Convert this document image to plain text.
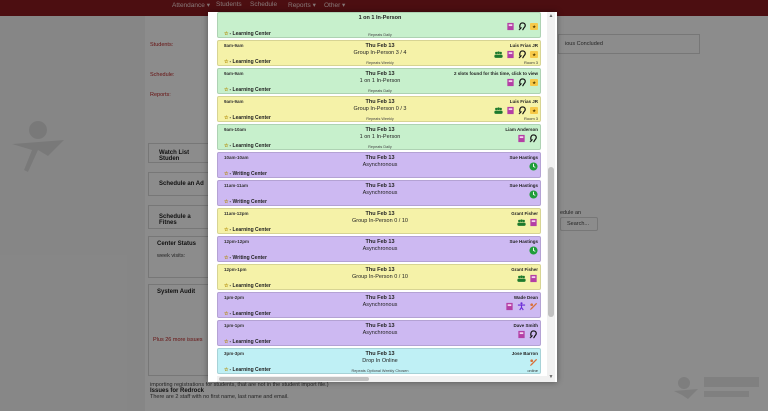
Attendance ▾ Students Schedule Reports ▾ Other ▾
Students:
Schedule:
Reports:
Watch List Studen
Schedule an Ad
Schedule a Fitnes
Center Status
week visits:
System Audit
Plus 26 more issues
Issues for Redrock
importing registrations for students, that are not in the student import file.)
There are 2 staff with no first name, last name and email.
ious Concluded
edule an
Search...
1 on 1 In-Person
☆- Learning Center	Repeats Daily
★
8am-9am	Thu Feb 13
Group In-Person 3 / 4
☆- Learning Center	Repeats Weekly
Luis Frias JR
Room 3
★
9am-9am	Thu Feb 13
1 on 1 In-Person
☆- Learning Center	Repeats Daily
2 slots found for this time, click to view
★
9am-9am	Thu Feb 13
Group In-Person 0 / 3
☆- Learning Center	Repeats Weekly
Luis Frias JR
Room 3
★
9am-10am	Thu Feb 13
1 on 1 In-Person
☆- Learning Center	Repeats Daily
Liam Anderson
10am-10am	Thu Feb 13
Asynchronous
☆- Writing Center
Sue Hastings
11am-11am	Thu Feb 13
Asynchronous
☆- Writing Center
Sue Hastings
11am-12pm	Thu Feb 13
Group In-Person 0 / 10
☆- Learning Center
Grant Fisher
12pm-12pm	Thu Feb 13
Asynchronous
☆- Writing Center
Sue Hastings
12pm-1pm	Thu Feb 13
Group In-Person 0 / 10
☆- Learning Center
Grant Fisher
1pm-2pm	Thu Feb 13
Asynchronous
☆- Learning Center
Wade Dean
1pm-1pm	Thu Feb 13
Asynchronous
☆- Learning Center
Dave Smith
3pm-3pm	Thu Feb 13
Drop In Online
☆- Learning Center	Repeats Optional Weekly Chosen
Jose Barron
online
▲
▼
